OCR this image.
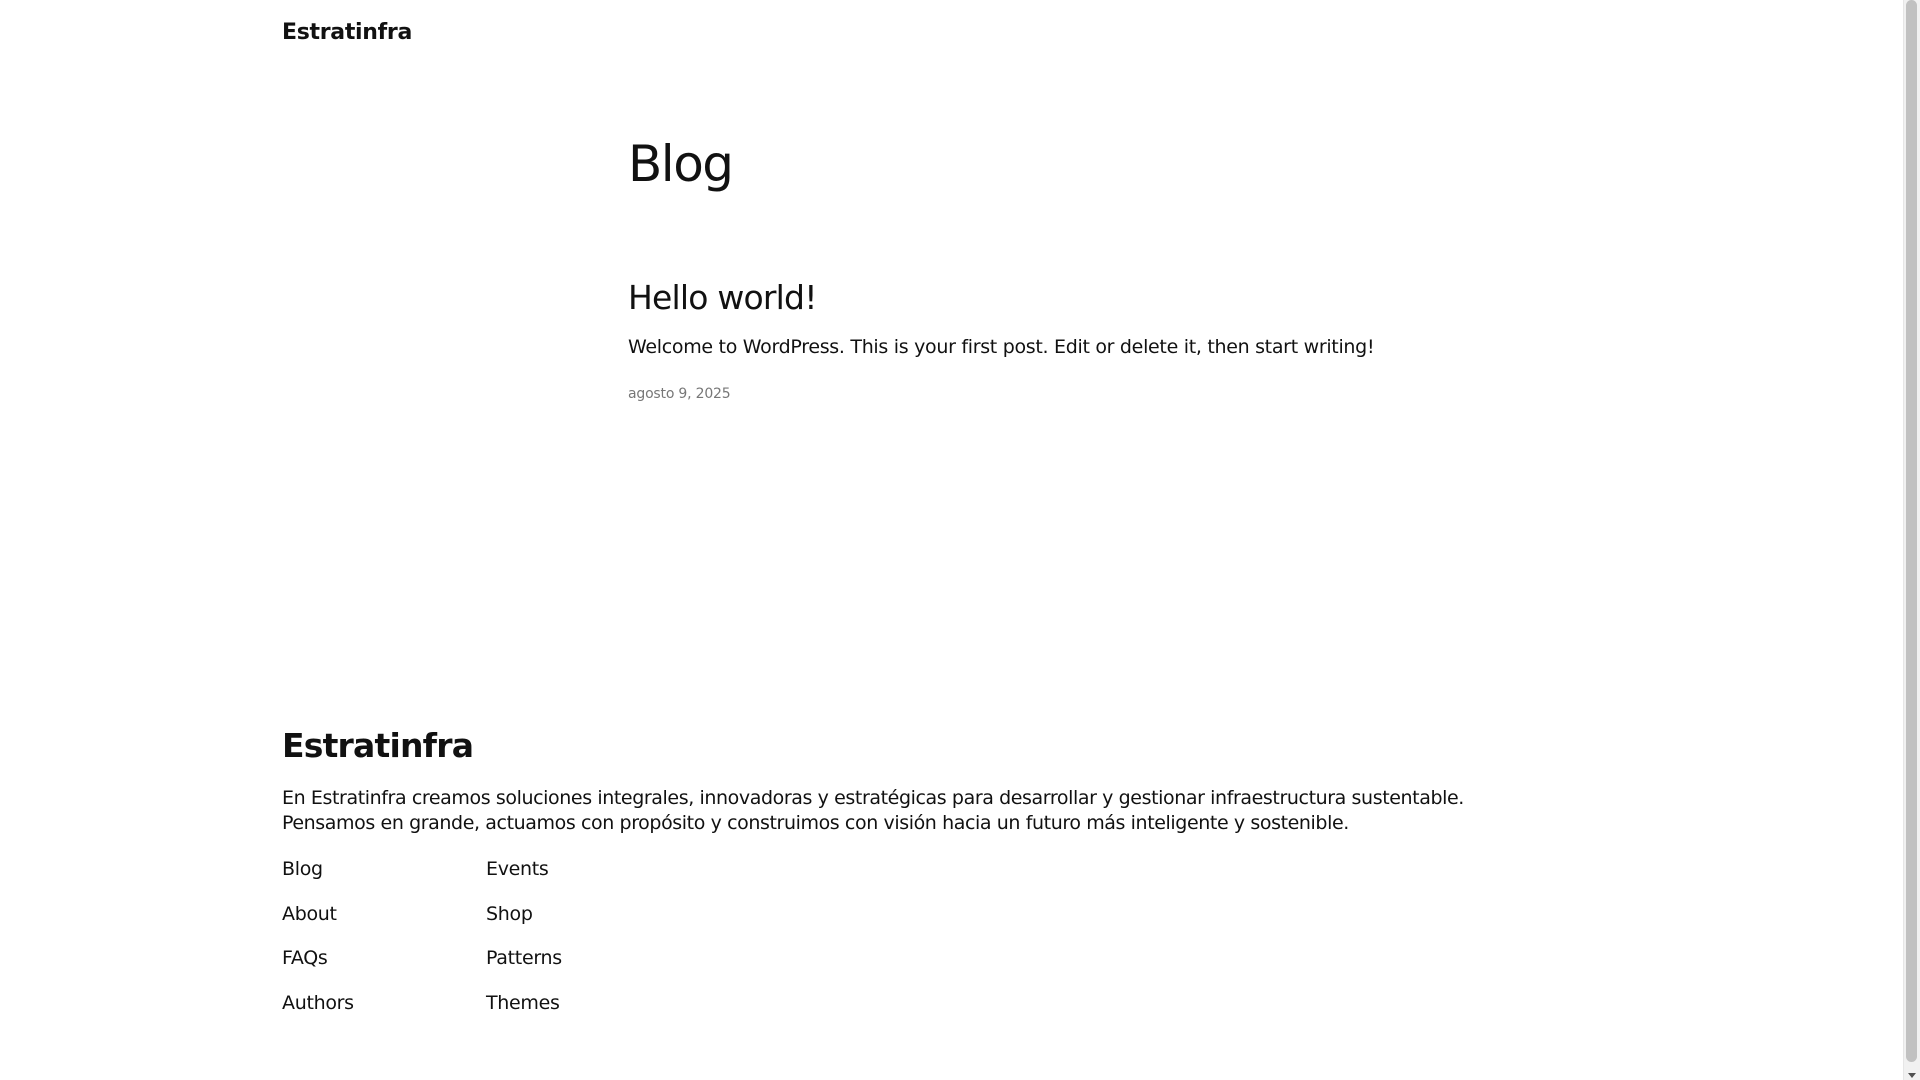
Estratinfra
Blog
Hello world!

Welcome to WordPress. This is your first post. Edit or delete it, then start writing!

agosto 9, 2025
Estratinfra

En Estratinfra creamos soluciones integrales, innovadoras y estratégicas para desarrollar y gestionar infraestructura sustentable. Pensamos en grande, actuamos con propósito y construimos con visión hacia un futuro más inteligente y sostenible.

Blog
About
FAQs
Authors
Events
Shop
Patterns
Themes
